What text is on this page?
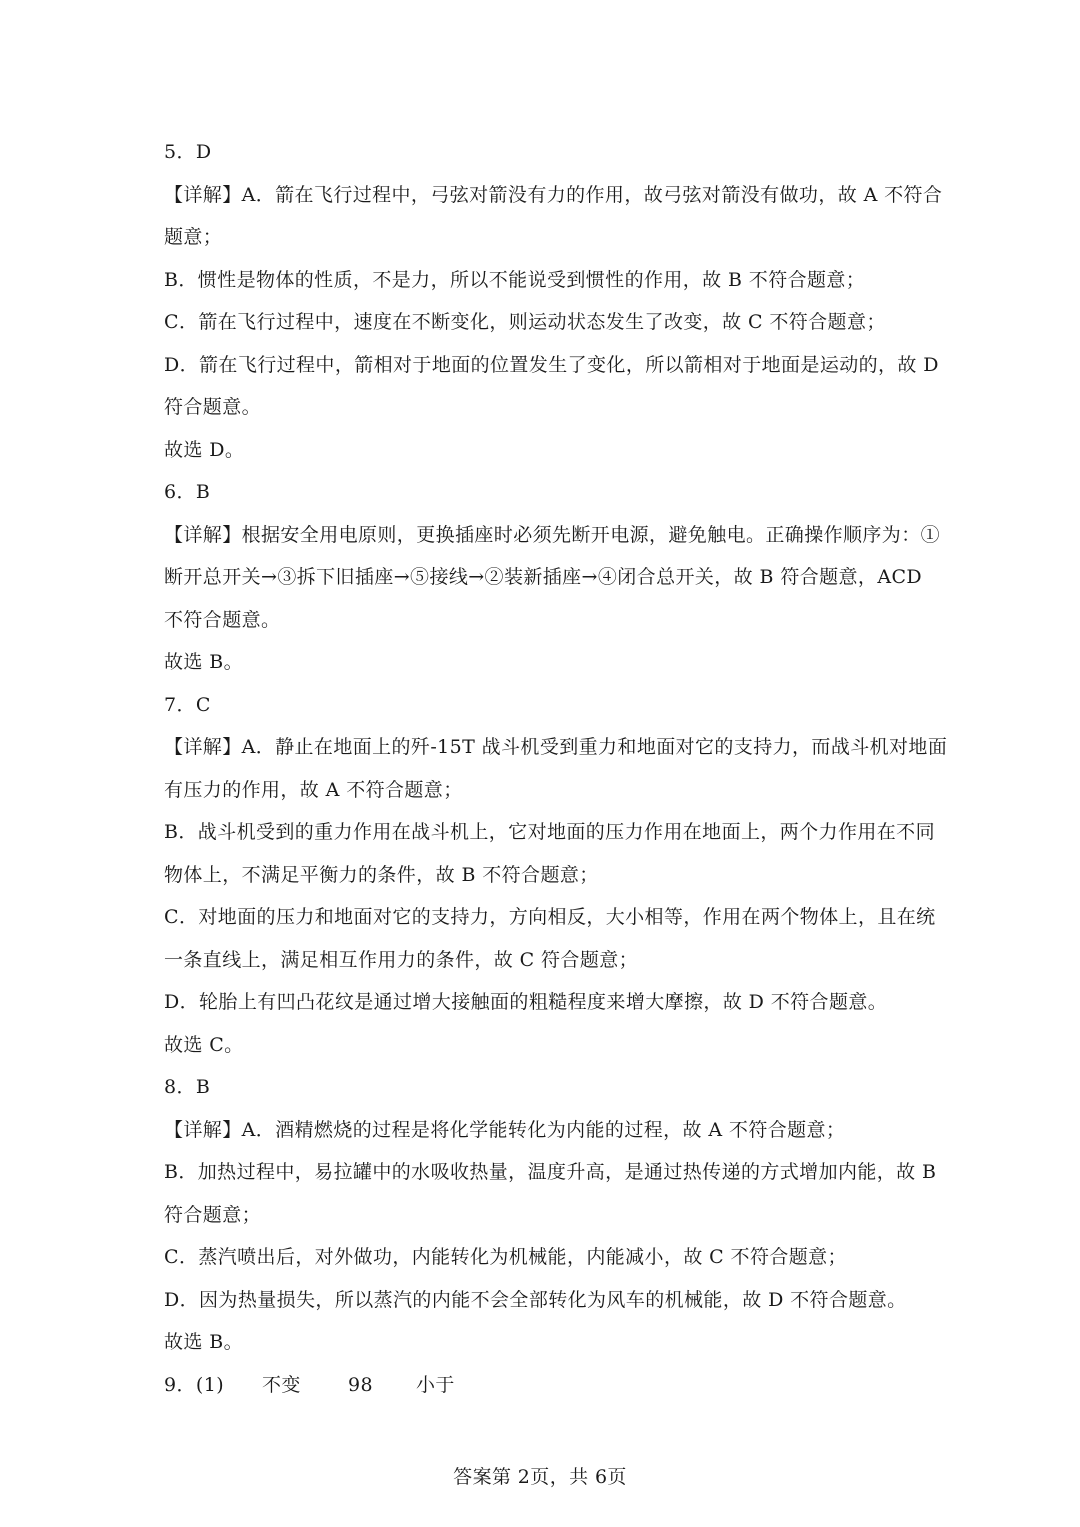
5．D
【详解】A．箭在飞行过程中，弓弦对箭没有力的作用，故弓弦对箭没有做功，故 A 不符合
题意；
B．惯性是物体的性质，不是力，所以不能说受到惯性的作用，故 B 不符合题意；
C．箭在飞行过程中，速度在不断变化，则运动状态发生了改变，故 C 不符合题意；
D．箭在飞行过程中，箭相对于地面的位置发生了变化，所以箭相对于地面是运动的，故 D
符合题意。
故选 D。
6．B
【详解】根据安全用电原则，更换插座时必须先断开电源，避免触电。正确操作顺序为：①
断开总开关→③拆下旧插座→⑤接线→②装新插座→④闭合总开关，故 B 符合题意，ACD
不符合题意。
故选 B。
7．C
【详解】A．静止在地面上的歼-15T 战斗机受到重力和地面对它的支持力，而战斗机对地面
有压力的作用，故 A 不符合题意；
B．战斗机受到的重力作用在战斗机上，它对地面的压力作用在地面上，两个力作用在不同
物体上，不满足平衡力的条件，故 B 不符合题意；
C．对地面的压力和地面对它的支持力，方向相反，大小相等，作用在两个物体上，且在统
一条直线上，满足相互作用力的条件，故 C 符合题意；
D．轮胎上有凹凸花纹是通过增大接触面的粗糙程度来增大摩擦，故 D 不符合题意。
故选 C。
8．B
【详解】A．酒精燃烧的过程是将化学能转化为内能的过程，故 A 不符合题意；
B．加热过程中，易拉罐中的水吸收热量，温度升高，是通过热传递的方式增加内能，故 B
符合题意；
C．蒸汽喷出后，对外做功，内能转化为机械能，内能减小，故 C 不符合题意；
D．因为热量损失，所以蒸汽的内能不会全部转化为风车的机械能，故 D 不符合题意。
故选 B。
9．(1) 不变 98 小于
答案第 2页，共 6页
